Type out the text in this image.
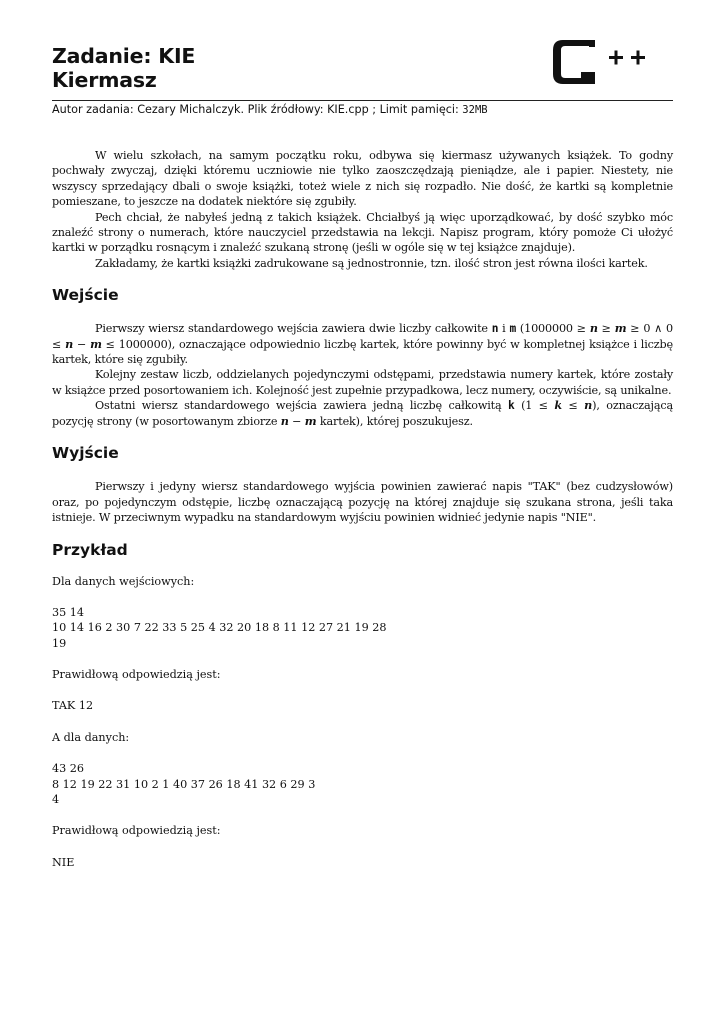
Zadanie: KIE
Kiermasz
Autor zadania: Cezary Michalczyk. Plik źródłowy: KIE.cpp ; Limit pamięci: 32MB

W wielu szkołach, na samym początku roku, odbywa się kiermasz używanych książek. To godny pochwały zwyczaj, dzięki któremu uczniowie nie tylko zaoszczędzają pieniądze, ale i papier. Niestety, nie wszyscy sprzedający dbali o swoje książki, toteż wiele z nich się rozpadło. Nie dość, że kartki są kompletnie pomieszane, to jeszcze na dodatek niektóre się zgubiły.

Pech chciał, że nabyłeś jedną z takich książek. Chciałbyś ją więc uporządkować, by dość szybko móc znaleźć strony o numerach, które nauczyciel przedstawia na lekcji. Napisz program, który pomoże Ci ułożyć kartki w porządku rosnącym i znaleźć szukaną stronę (jeśli w ogóle się w tej książce znajduje).

Zakładamy, że kartki książki zadrukowane są jednostronnie, tzn. ilość stron jest równa ilości kartek.

Wejście

Pierwszy wiersz standardowego wejścia zawiera dwie liczby całkowite n i m (1000000 ≥ n ≥ m ≥ 0 ∧ 0 ≤ n − m ≤ 1000000), oznaczające odpowiednio liczbę kartek, które powinny być w kompletnej książce i liczbę kartek, które się zgubiły.

Kolejny zestaw liczb, oddzielanych pojedynczymi odstępami, przedstawia numery kartek, które zostały w książce przed posortowaniem ich. Kolejność jest zupełnie przypadkowa, lecz numery, oczywiście, są unikalne.

Ostatni wiersz standardowego wejścia zawiera jedną liczbę całkowitą k (1 ≤ k ≤ n), oznaczającą pozycję strony (w posortowanym zbiorze n − m kartek), której poszukujesz.

Wyjście

Pierwszy i jedyny wiersz standardowego wyjścia powinien zawierać napis "TAK" (bez cudzysłowów) oraz, po pojedynczym odstępie, liczbę oznaczającą pozycję na której znajduje się szukana strona, jeśli taka istnieje. W przeciwnym wypadku na standardowym wyjściu powinien widnieć jedynie napis "NIE".

Przykład

Dla danych wejściowych:

35 14

10 14 16 2 30 7 22 33 5 25 4 32 20 18 8 11 12 27 21 19 28

19

Prawidłową odpowiedzią jest:

TAK 12

A dla danych:

43 26

8 12 19 22 31 10 2 1 40 37 26 18 41 32 6 29 3

4

Prawidłową odpowiedzią jest:

NIE
